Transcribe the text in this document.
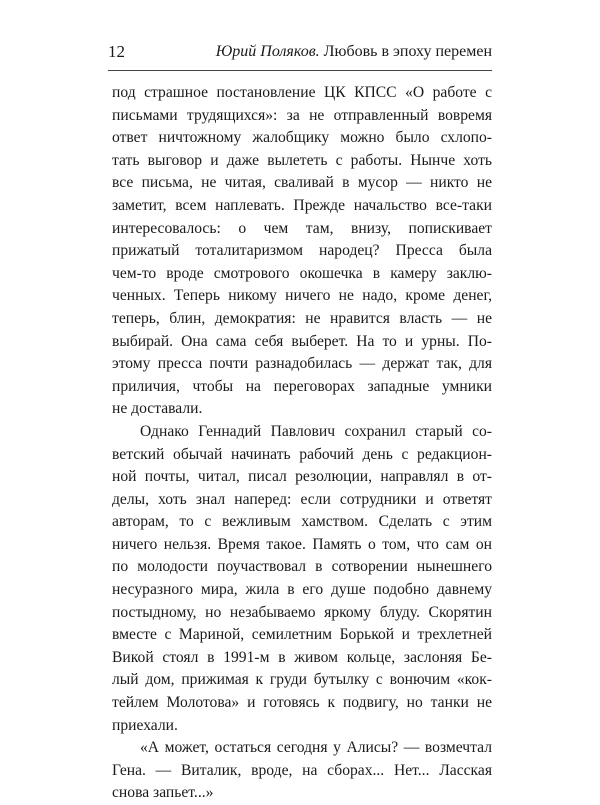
12	Юрий Поляков. Любовь в эпоху перемен
под страшное постановление ЦК КПСС «О работе с
письмами трудящихся»: за не отправленный вовремя
ответ ничтожному жалобщику можно было схлопо-
тать выговор и даже вылететь с работы. Нынче хоть
все письма, не читая, сваливай в мусор — никто не
заметит, всем наплевать. Прежде начальство все-таки
интересовалось: о чем там, внизу, попискивает
прижатый тоталитаризмом народец? Пресса была
чем-то вроде смотрового окошечка в камеру заклю-
ченных. Теперь никому ничего не надо, кроме денег,
теперь, блин, демократия: не нравится власть — не
выбирай. Она сама себя выберет. На то и урны. По-
этому пресса почти разнадобилась — держат так, для
приличия, чтобы на переговорах западные умники
не доставали.
Однако Геннадий Павлович сохранил старый со-
ветский обычай начинать рабочий день с редакцион-
ной почты, читал, писал резолюции, направлял в от-
делы, хоть знал наперед: если сотрудники и ответят
авторам, то с вежливым хамством. Сделать с этим
ничего нельзя. Время такое. Память о том, что сам он
по молодости поучаствовал в сотворении нынешнего
несуразного мира, жила в его душе подобно давнему
постыдному, но незабываемо яркому блуду. Скорятин
вместе с Мариной, семилетним Борькой и трехлетней
Викой стоял в 1991-м в живом кольце, заслоняя Бе-
лый дом, прижимая к груди бутылку с вонючим «кок-
тейлем Молотова» и готовясь к подвигу, но танки не
приехали.
«А может, остаться сегодня у Алисы? — возмечтал
Гена. — Виталик, вроде, на сборах... Нет... Ласская
снова запьет...»
